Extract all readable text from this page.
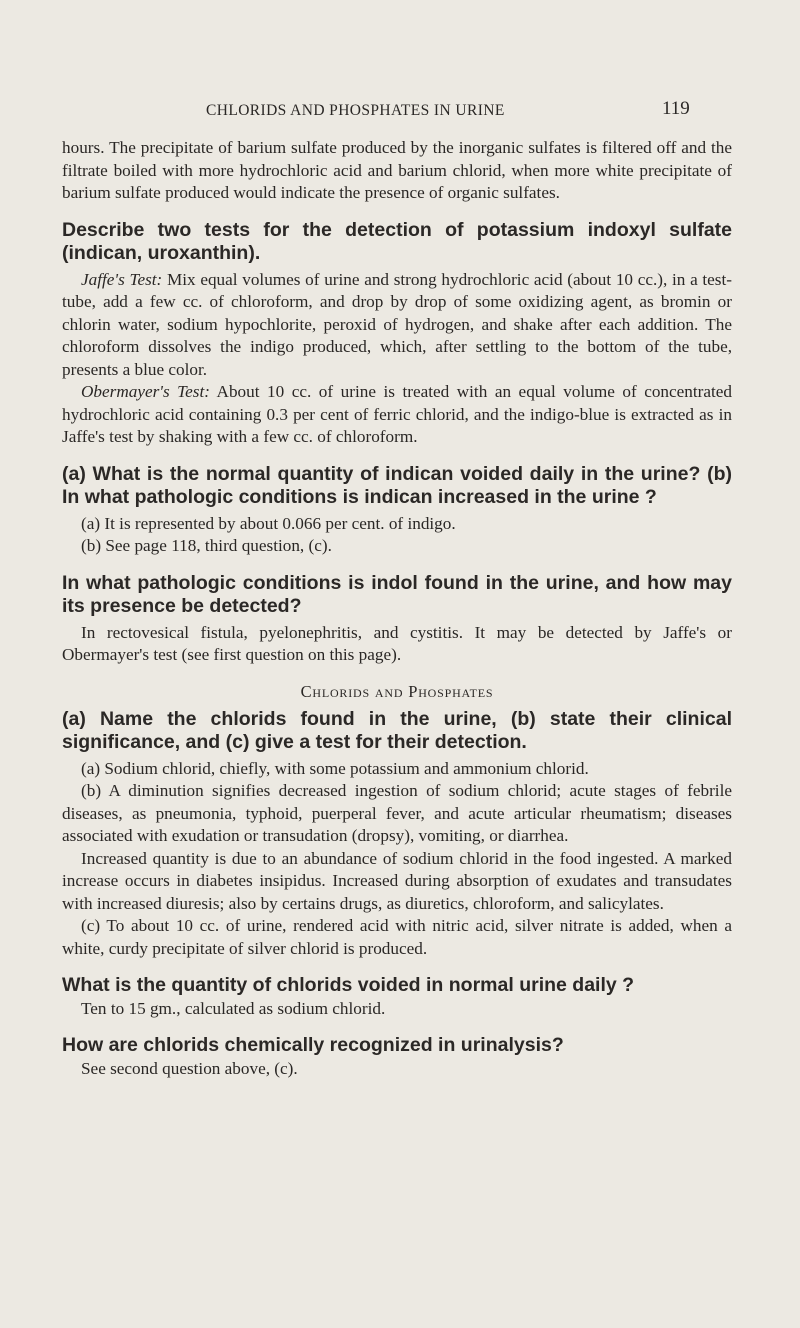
CHLORIDS AND PHOSPHATES IN URINE	119

hours. The precipitate of barium sulfate produced by the inorganic sulfates is filtered off and the filtrate boiled with more hydrochloric acid and barium chlorid, when more white precipitate of barium sulfate produced would indicate the presence of organic sulfates.

Describe two tests for the detection of potassium indoxyl sulfate (indican, uroxanthin).

Jaffe's Test: Mix equal volumes of urine and strong hydrochloric acid (about 10 cc.), in a test-tube, add a few cc. of chloroform, and drop by drop of some oxidizing agent, as bromin or chlorin water, sodium hypochlorite, peroxid of hydrogen, and shake after each addition. The chloroform dissolves the indigo produced, which, after settling to the bottom of the tube, presents a blue color.

Obermayer's Test: About 10 cc. of urine is treated with an equal volume of concentrated hydrochloric acid containing 0.3 per cent of ferric chlorid, and the indigo-blue is extracted as in Jaffe's test by shaking with a few cc. of chloroform.

(a) What is the normal quantity of indican voided daily in the urine? (b) In what pathologic conditions is indican increased in the urine ?

(a) It is represented by about 0.066 per cent. of indigo.

(b) See page 118, third question, (c).

In what pathologic conditions is indol found in the urine, and how may its presence be detected?

In rectovesical fistula, pyelonephritis, and cystitis. It may be detected by Jaffe's or Obermayer's test (see first question on this page).

Chlorids and Phosphates
(a) Name the chlorids found in the urine, (b) state their clinical significance, and (c) give a test for their detection.

(a) Sodium chlorid, chiefly, with some potassium and ammonium chlorid.

(b) A diminution signifies decreased ingestion of sodium chlorid; acute stages of febrile diseases, as pneumonia, typhoid, puerperal fever, and acute articular rheumatism; diseases associated with exudation or transudation (dropsy), vomiting, or diarrhea.

Increased quantity is due to an abundance of sodium chlorid in the food ingested. A marked increase occurs in diabetes insipidus. Increased during absorption of exudates and transudates with increased diuresis; also by certains drugs, as diuretics, chloroform, and salicylates.

(c) To about 10 cc. of urine, rendered acid with nitric acid, silver nitrate is added, when a white, curdy precipitate of silver chlorid is produced.

What is the quantity of chlorids voided in normal urine daily ?

Ten to 15 gm., calculated as sodium chlorid.

How are chlorids chemically recognized in urinalysis?

See second question above, (c).
